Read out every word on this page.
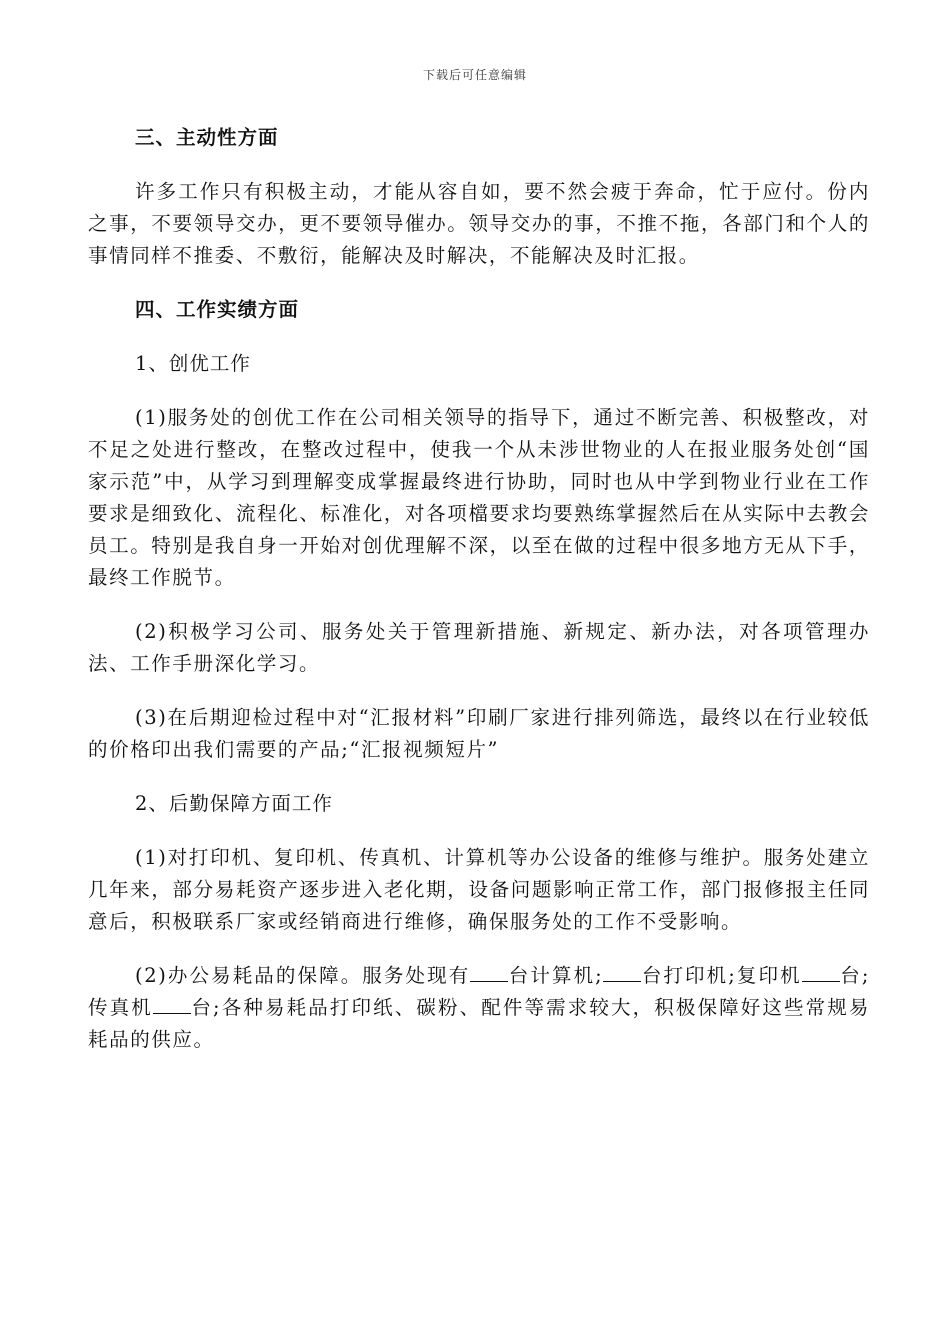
下载后可任意编辑
三、主动性方面
许多工作只有积极主动，才能从容自如，要不然会疲于奔命，忙于应付。份内之事，不要领导交办，更不要领导催办。领导交办的事，不推不拖，各部门和个人的事情同样不推委、不敷衍，能解决及时解决，不能解决及时汇报。
四、工作实绩方面
1、创优工作
(1)服务处的创优工作在公司相关领导的指导下，通过不断完善、积极整改，对不足之处进行整改，在整改过程中，使我一个从未涉世物业的人在报业服务处创“国家示范”中，从学习到理解变成掌握最终进行协助，同时也从中学到物业行业在工作要求是细致化、流程化、标准化，对各项檔要求均要熟练掌握然后在从实际中去教会员工。特别是我自身一开始对创优理解不深，以至在做的过程中很多地方无从下手，最终工作脱节。
(2)积极学习公司、服务处关于管理新措施、新规定、新办法，对各项管理办法、工作手册深化学习。
(3)在后期迎检过程中对“汇报材料”印刷厂家进行排列筛选，最终以在行业较低的价格印出我们需要的产品;“汇报视频短片”
2、后勤保障方面工作
(1)对打印机、复印机、传真机、计算机等办公设备的维修与维护。服务处建立几年来，部分易耗资产逐步进入老化期，设备问题影响正常工作，部门报修报主任同意后，积极联系厂家或经销商进行维修，确保服务处的工作不受影响。
(2)办公易耗品的保障。服务处现有 台计算机; 台打印机;复印机 台;传真机 台;各种易耗品打印纸、碳粉、配件等需求较大，积极保障好这些常规易耗品的供应。
